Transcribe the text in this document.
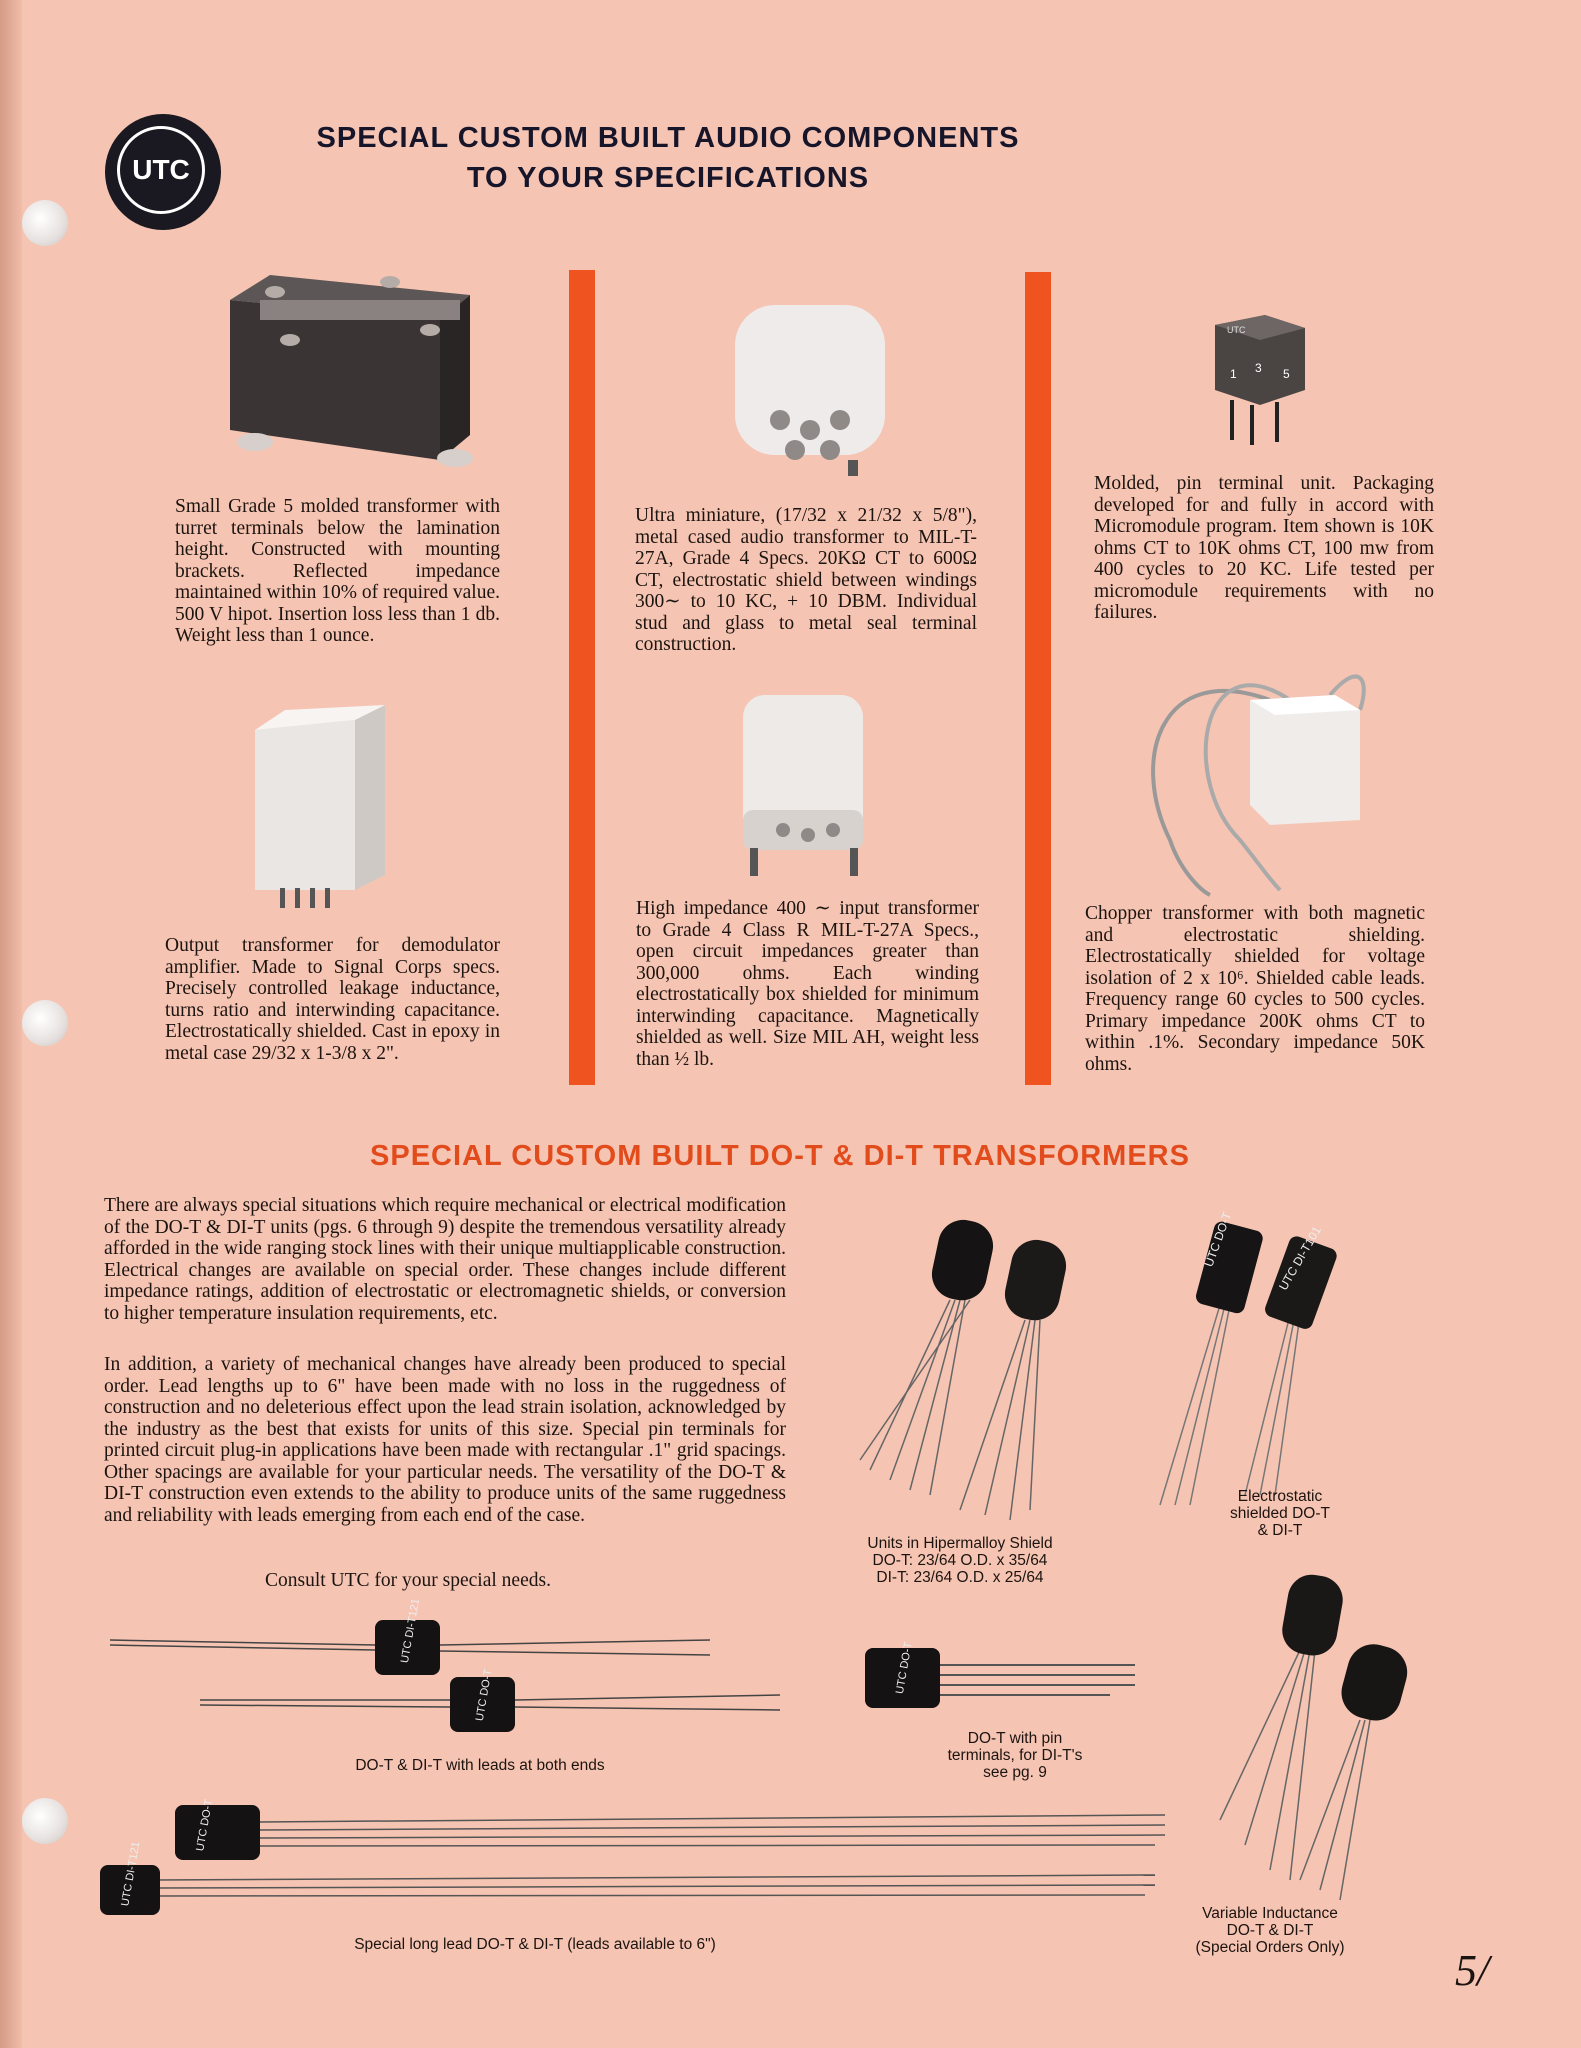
UTC
SPECIAL CUSTOM BUILT AUDIO COMPONENTS
TO YOUR SPECIFICATIONS
UTC
1 3 5
Small Grade 5 molded transformer with turret terminals below the lamination height. Constructed with mounting brackets. Reflected impedance maintained within 10% of required value. 500 V hipot. Insertion loss less than 1 db. Weight less than 1 ounce.
Output transformer for demodulator amplifier. Made to Signal Corps specs. Precisely controlled leakage inductance, turns ratio and interwinding capacitance. Electrostatically shielded. Cast in epoxy in metal case 29/32 x 1-3/8 x 2".
Ultra miniature, (17/32 x 21/32 x 5/8"), metal cased audio transformer to MIL-T-27A, Grade 4 Specs. 20KΩ CT to 600Ω CT, electrostatic shield between windings 300∼ to 10 KC, + 10 DBM. Individual stud and glass to metal seal terminal construction.
High impedance 400 ∼ input transformer to Grade 4 Class R MIL-T-27A Specs., open circuit impedances greater than 300,000 ohms. Each winding electrostatically box shielded for minimum interwinding capacitance. Magnetically shielded as well. Size MIL AH, weight less than ½ lb.
Molded, pin terminal unit. Packaging developed for and fully in accord with Micromodule program. Item shown is 10K ohms CT to 10K ohms CT, 100 mw from 400 cycles to 20 KC. Life tested per micromodule requirements with no failures.
Chopper transformer with both magnetic and electrostatic shielding. Electrostatically shielded for voltage isolation of 2 x 10⁶. Shielded cable leads. Frequency range 60 cycles to 500 cycles. Primary impedance 200K ohms CT to within .1%. Secondary impedance 50K ohms.
SPECIAL CUSTOM BUILT DO-T & DI-T TRANSFORMERS
There are always special situations which require mechanical or electrical modification of the DO-T & DI-T units (pgs. 6 through 9) despite the tremendous versatility already afforded in the wide ranging stock lines with their unique multiapplicable construction. Electrical changes are available on special order. These changes include different impedance ratings, addition of electrostatic or electromagnetic shields, or conversion to higher temperature insulation requirements, etc.
In addition, a variety of mechanical changes have already been produced to special order. Lead lengths up to 6" have been made with no loss in the ruggedness of construction and no deleterious effect upon the lead strain isolation, acknowledged by the industry as the best that exists for units of this size. Special pin terminals for printed circuit plug-in applications have been made with rectangular .1" grid spacings. Other spacings are available for your particular needs. The versatility of the DO-T & DI-T construction even extends to the ability to produce units of the same ruggedness and reliability with leads emerging from each end of the case.
Consult UTC for your special needs.
UTC DO-T	UTC DI-T101
Units in Hipermalloy Shield
DO-T: 23/64 O.D. x 35/64
DI-T: 23/64 O.D. x 25/64
Electrostatic
shielded DO-T
& DI-T
UTC DI-T121
UTC DO-T
DO-T & DI-T with leads at both ends
UTC DO-T
DO-T with pin
terminals, for DI-T's
see pg. 9
UTC DO-T
UTC DI-T121
Special long lead DO-T & DI-T (leads available to 6")
Variable Inductance
DO-T & DI-T
(Special Orders Only)	5/
